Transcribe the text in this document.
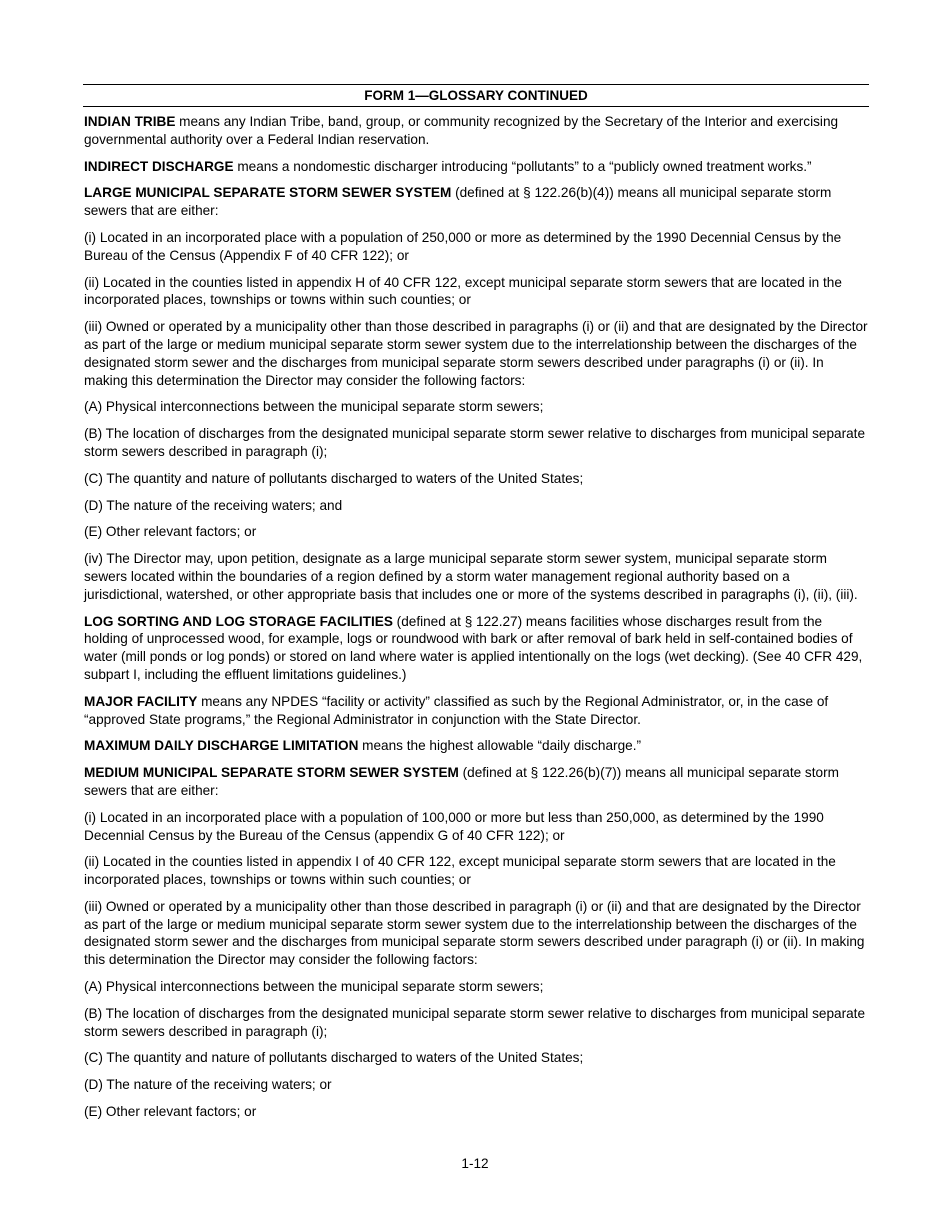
FORM 1—GLOSSARY CONTINUED

INDIAN TRIBE means any Indian Tribe, band, group, or community recognized by the Secretary of the Interior and exercising governmental authority over a Federal Indian reservation.

INDIRECT DISCHARGE means a nondomestic discharger introducing “pollutants” to a “publicly owned treatment works.”

LARGE MUNICIPAL SEPARATE STORM SEWER SYSTEM (defined at § 122.26(b)(4)) means all municipal separate storm sewers that are either:

(i) Located in an incorporated place with a population of 250,000 or more as determined by the 1990 Decennial Census by the Bureau of the Census (Appendix F of 40 CFR 122); or

(ii) Located in the counties listed in appendix H of 40 CFR 122, except municipal separate storm sewers that are located in the incorporated places, townships or towns within such counties; or

(iii) Owned or operated by a municipality other than those described in paragraphs (i) or (ii) and that are designated by the Director as part of the large or medium municipal separate storm sewer system due to the interrelationship between the discharges of the designated storm sewer and the discharges from municipal separate storm sewers described under paragraphs (i) or (ii). In making this determination the Director may consider the following factors:

(A) Physical interconnections between the municipal separate storm sewers;

(B) The location of discharges from the designated municipal separate storm sewer relative to discharges from municipal separate storm sewers described in paragraph (i);

(C) The quantity and nature of pollutants discharged to waters of the United States;

(D) The nature of the receiving waters; and

(E) Other relevant factors; or

(iv) The Director may, upon petition, designate as a large municipal separate storm sewer system, municipal separate storm sewers located within the boundaries of a region defined by a storm water management regional authority based on a jurisdictional, watershed, or other appropriate basis that includes one or more of the systems described in paragraphs (i), (ii), (iii).

LOG SORTING AND LOG STORAGE FACILITIES (defined at § 122.27) means facilities whose discharges result from the holding of unprocessed wood, for example, logs or roundwood with bark or after removal of bark held in self-contained bodies of water (mill ponds or log ponds) or stored on land where water is applied intentionally on the logs (wet decking). (See 40 CFR 429, subpart I, including the effluent limitations guidelines.)

MAJOR FACILITY means any NPDES “facility or activity” classified as such by the Regional Administrator, or, in the case of “approved State programs,” the Regional Administrator in conjunction with the State Director.

MAXIMUM DAILY DISCHARGE LIMITATION means the highest allowable “daily discharge.”

MEDIUM MUNICIPAL SEPARATE STORM SEWER SYSTEM (defined at § 122.26(b)(7)) means all municipal separate storm sewers that are either:

(i) Located in an incorporated place with a population of 100,000 or more but less than 250,000, as determined by the 1990 Decennial Census by the Bureau of the Census (appendix G of 40 CFR 122); or

(ii) Located in the counties listed in appendix I of 40 CFR 122, except municipal separate storm sewers that are located in the incorporated places, townships or towns within such counties; or

(iii) Owned or operated by a municipality other than those described in paragraph (i) or (ii) and that are designated by the Director as part of the large or medium municipal separate storm sewer system due to the interrelationship between the discharges of the designated storm sewer and the discharges from municipal separate storm sewers described under paragraph (i) or (ii). In making this determination the Director may consider the following factors:

(A) Physical interconnections between the municipal separate storm sewers;

(B) The location of discharges from the designated municipal separate storm sewer relative to discharges from municipal separate storm sewers described in paragraph (i);

(C) The quantity and nature of pollutants discharged to waters of the United States;

(D) The nature of the receiving waters; or

(E) Other relevant factors; or

1-12
